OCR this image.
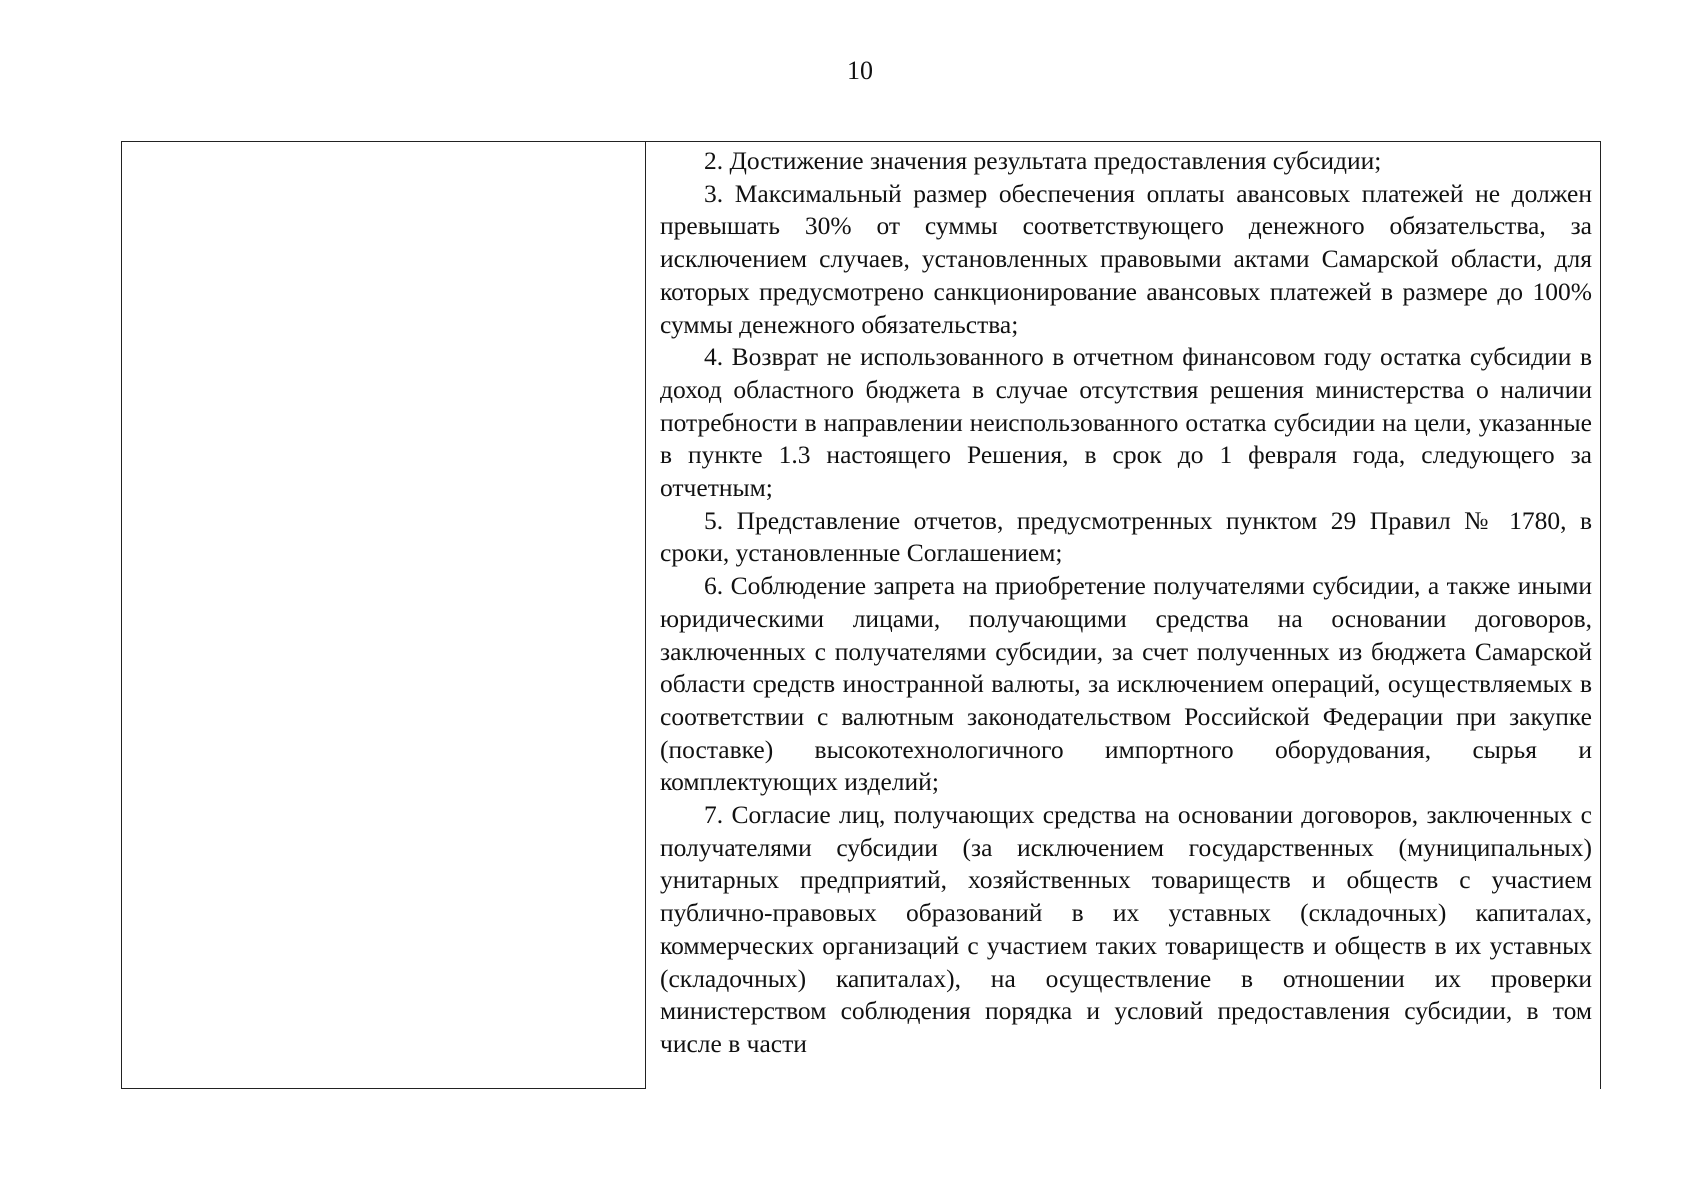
10

2. Достижение значения результата предоставления субсидии;

3. Максимальный размер обеспечения оплаты авансовых платежей не должен превышать 30% от суммы соответствующего денежного обязательства, за исключением случаев, установленных правовыми актами Самарской области, для которых предусмотрено санкционирование авансовых платежей в размере до 100% суммы денежного обязательства;

4. Возврат не использованного в отчетном финансовом году остатка субсидии в доход областного бюджета в случае отсутствия решения министерства о наличии потребности в направлении неиспользованного остатка субсидии на цели, указанные в пункте 1.3 настоящего Решения, в срок до 1 февраля года, следующего за отчетным;

5. Представление отчетов, предусмотренных пунктом 29 Правил № 1780, в сроки, установленные Соглашением;

6. Соблюдение запрета на приобретение получателями субсидии, а также иными юридическими лицами, получающими средства на основании договоров, заключенных с получателями субсидии, за счет полученных из бюджета Самарской области средств иностранной валюты, за исключением операций, осуществляемых в соответствии с валютным законодательством Российской Федерации при закупке (поставке) высокотехнологичного импортного оборудования, сырья и комплектующих изделий;

7. Согласие лиц, получающих средства на основании договоров, заключенных с получателями субсидии (за исключением государственных (муниципальных) унитарных предприятий, хозяйственных товариществ и обществ с участием публично-правовых образований в их уставных (складочных) капиталах, коммерческих организаций с участием таких товариществ и обществ в их уставных (складочных) капиталах), на осуществление в отношении их проверки министерством соблюдения порядка и условий предоставления субсидии, в том числе в части
